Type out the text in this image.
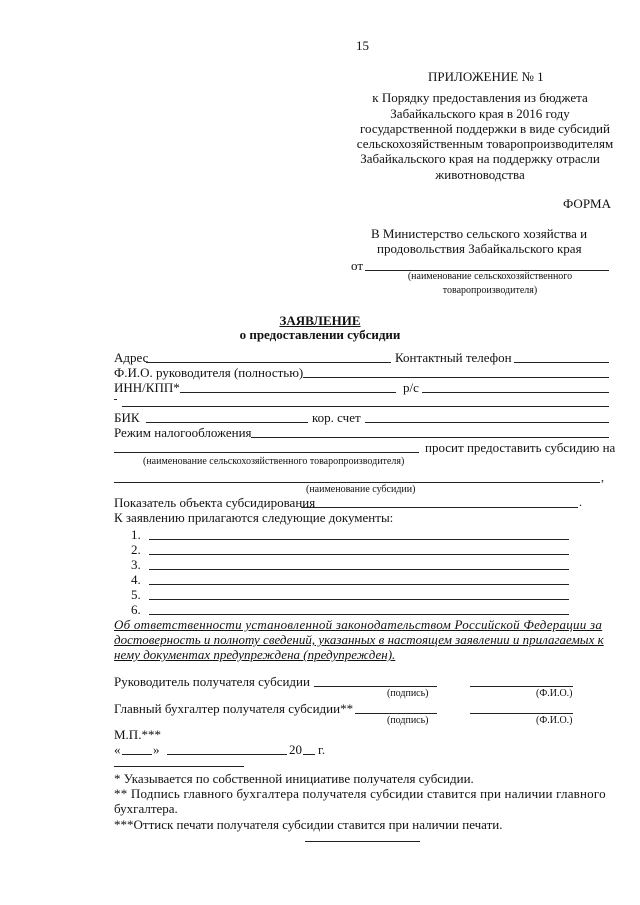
15
ПРИЛОЖЕНИЕ № 1
к Порядку предоставления из бюджета
Забайкальского края в 2016 году
государственной поддержки в виде субсидий
сельскохозяйственным товаропроизводителям
Забайкальского края на поддержку отрасли
животноводства
ФОРМА
В Министерство сельского хозяйства и
продовольствия Забайкальского края
от
(наименование сельскохозяйственного
товаропроизводителя)
ЗАЯВЛЕНИЕ
о предоставлении субсидии
Адрес	Контактный телефон
Ф.И.О. руководителя (полностью)
ИНН/КПП*	р/с
БИК	кор. счет
Режим налогообложения
просит предоставить субсидию на
(наименование сельскохозяйственного товаропроизводителя)
,
(наименование субсидии)
Показатель объекта субсидирования	.
К заявлению прилагаются следующие документы:
1.
2.
3.
4.
5.
6.
Об ответственности установленной законодательством Российской Федерации за
достоверность и полноту сведений, указанных в настоящем заявлении и прилагаемых к
нему документах предупреждена (предупрежден).
Руководитель получателя субсидии
(подпись)	(Ф.И.О.)
Главный бухгалтер получателя субсидии**
(подпись)	(Ф.И.О.)
М.П.***
«	»	20 г.
* Указывается по собственной инициативе получателя субсидии.
** Подпись главного бухгалтера получателя субсидии ставится при наличии главного
бухгалтера.
***Оттиск печати получателя субсидии ставится при наличии печати.
